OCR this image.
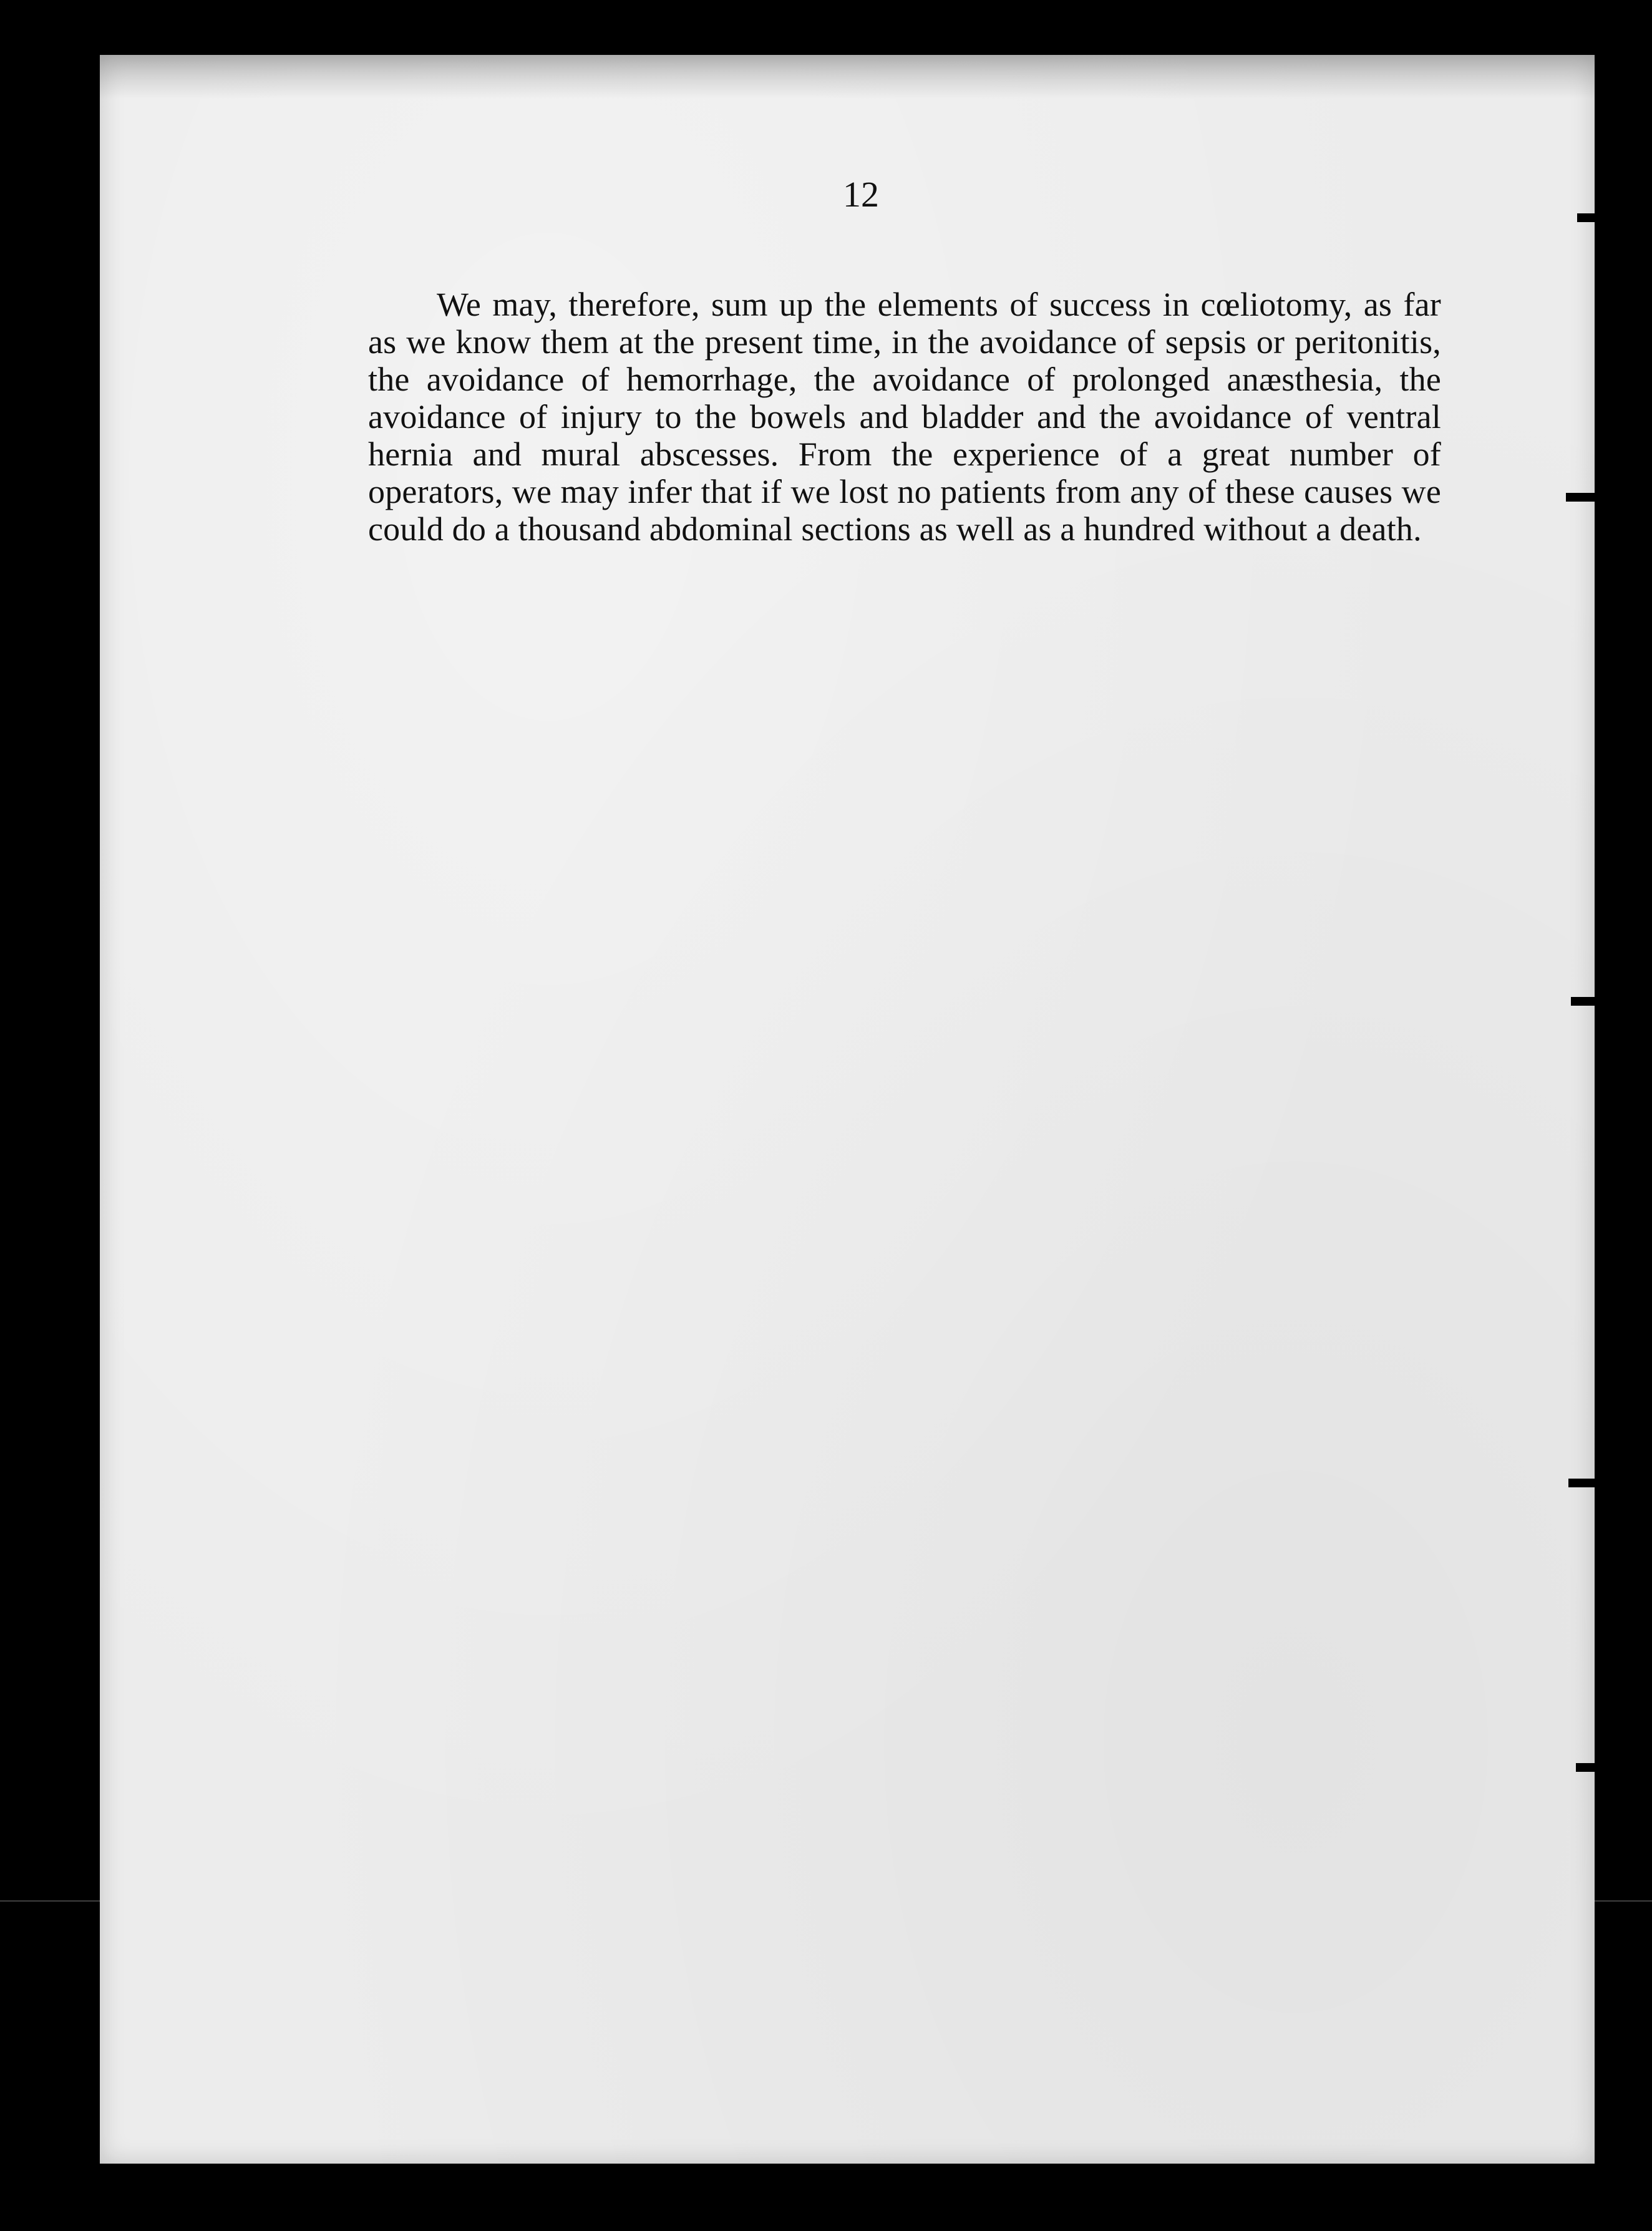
12

We may, therefore, sum up the elements of success in cœliotomy, as far as we know them at the present time, in the avoidance of sepsis or peritonitis, the avoidance of hemorrhage, the avoidance of prolonged anæsthesia, the avoidance of injury to the bowels and bladder and the avoidance of ventral hernia and mural abscesses. From the experience of a great number of operators, we may infer that if we lost no patients from any of these causes we could do a thousand abdominal sections as well as a hundred without a death.
